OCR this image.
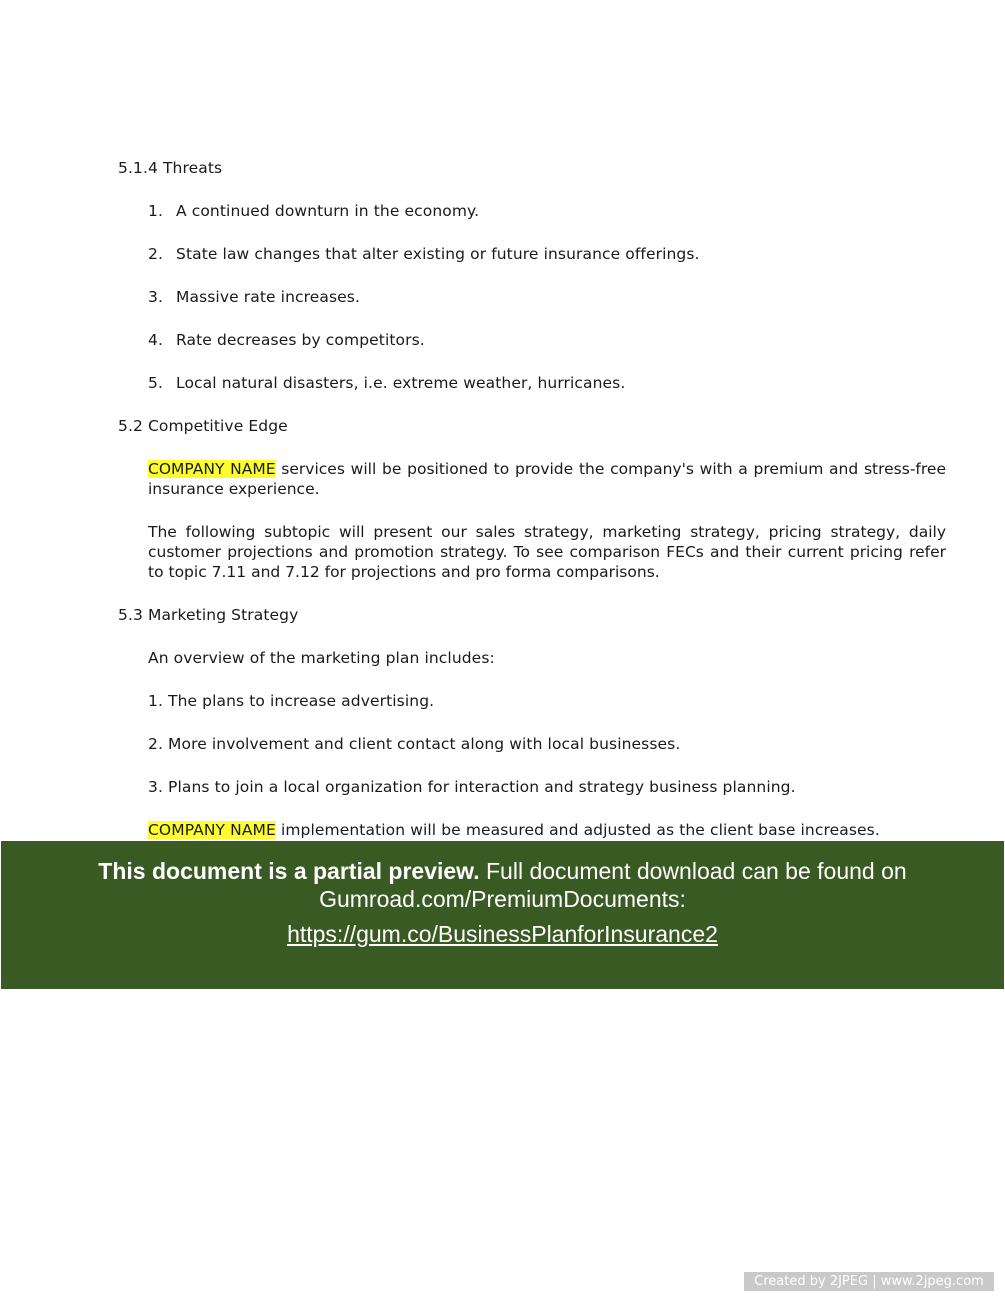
5.1.4 Threats
1. A continued downturn in the economy.
2. State law changes that alter existing or future insurance offerings.
3. Massive rate increases.
4. Rate decreases by competitors.
5. Local natural disasters, i.e. extreme weather, hurricanes.
5.2 Competitive Edge
COMPANY NAME services will be positioned to provide the company's with a premium and stress-free insurance experience.
The following subtopic will present our sales strategy, marketing strategy, pricing strategy, daily customer projections and promotion strategy. To see comparison FECs and their current pricing refer to topic 7.11 and 7.12 for projections and pro forma comparisons.
5.3 Marketing Strategy
An overview of the marketing plan includes:
1. The plans to increase advertising.
2. More involvement and client contact along with local businesses.
3. Plans to join a local organization for interaction and strategy business planning.
COMPANY NAME implementation will be measured and adjusted as the client base increases.
This document is a partial preview. Full document download can be found on
Gumroad.com/PremiumDocuments:
https://gum.co/BusinessPlanforInsurance2
Created by 2JPEG | www.2jpeg.com
